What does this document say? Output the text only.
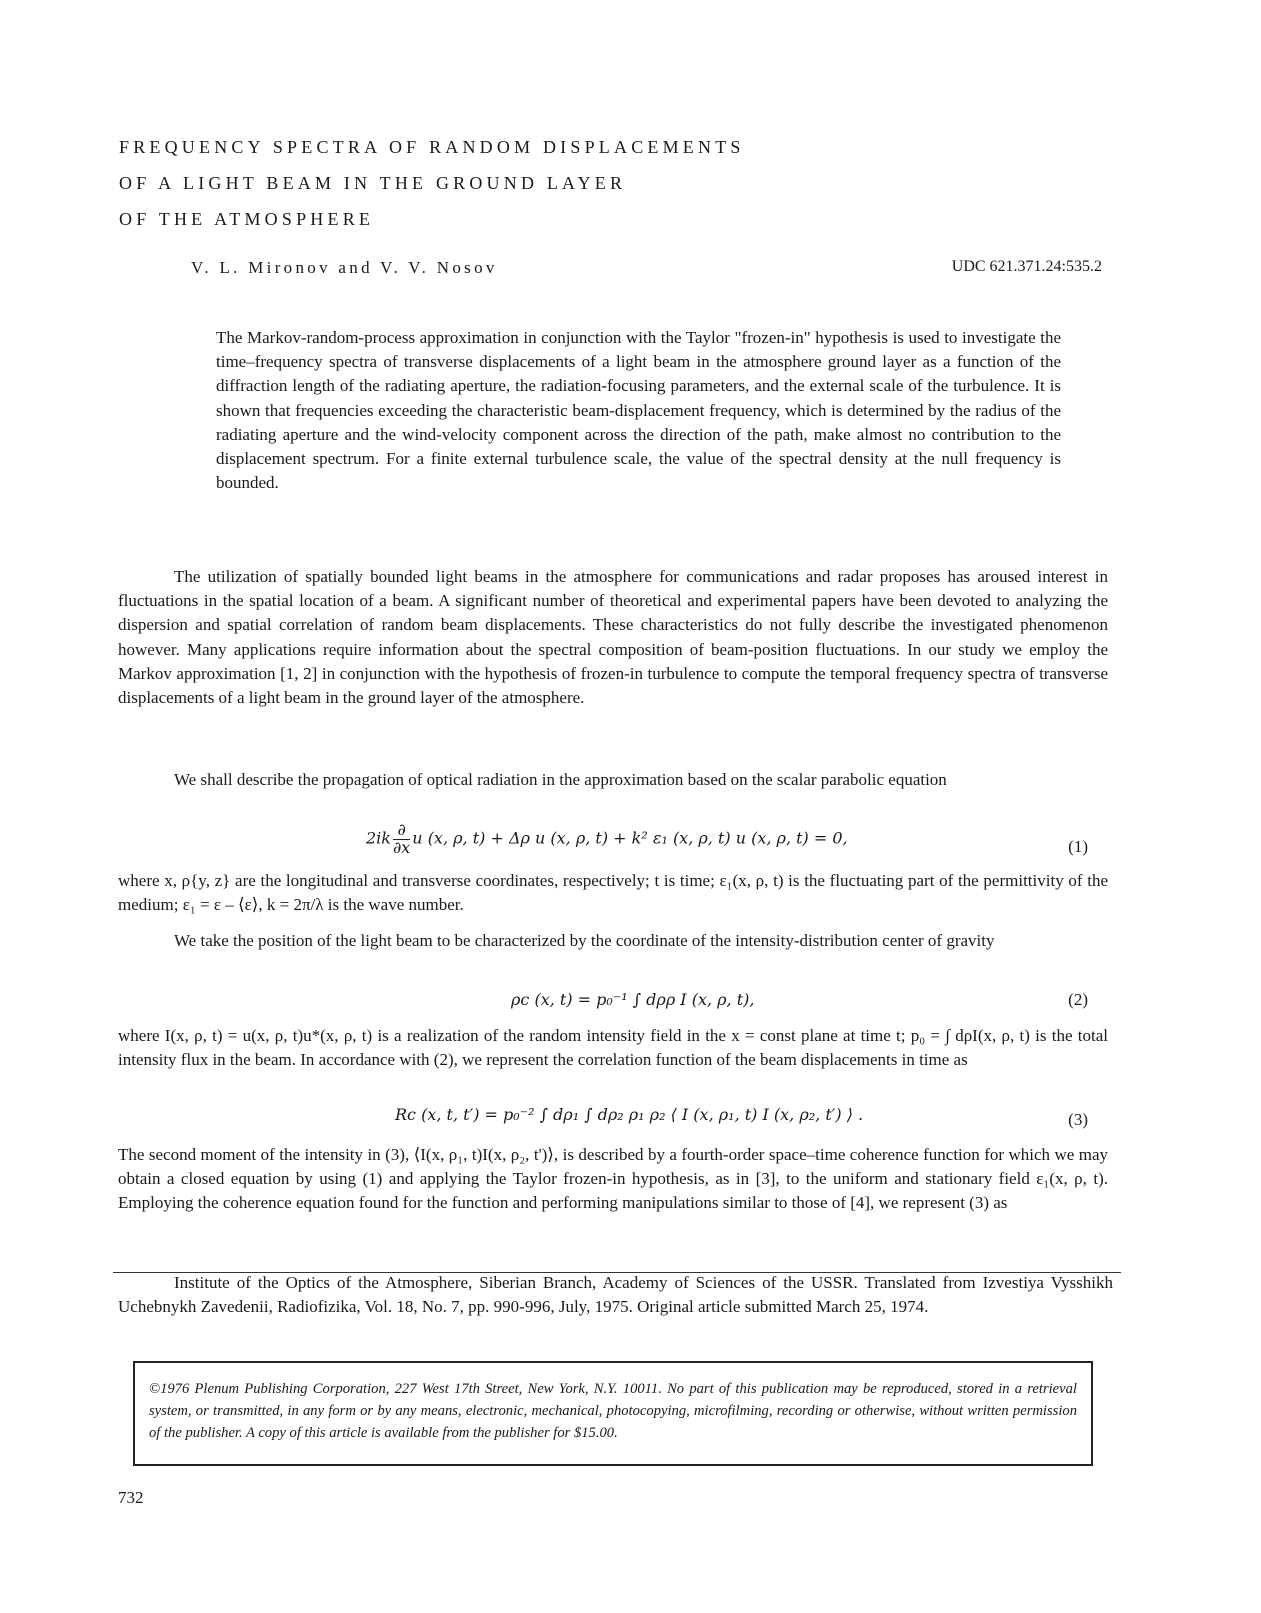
FREQUENCY SPECTRA OF RANDOM DISPLACEMENTS
OF A LIGHT BEAM IN THE GROUND LAYER
OF THE ATMOSPHERE
V. L. Mironov and V. V. Nosov	UDC 621.371.24:535.2

The Markov-random-process approximation in conjunction with the Taylor "frozen-in" hypothesis is used to investigate the time–frequency spectra of transverse displacements of a light beam in the atmosphere ground layer as a function of the diffraction length of the radiating aperture, the radiation-focusing parameters, and the external scale of the turbulence. It is shown that frequencies exceeding the characteristic beam-displacement frequency, which is determined by the radius of the radiating aperture and the wind-velocity component across the direction of the path, make almost no contribution to the displacement spectrum. For a finite external turbulence scale, the value of the spectral density at the null frequency is bounded.

The utilization of spatially bounded light beams in the atmosphere for communications and radar proposes has aroused interest in fluctuations in the spatial location of a beam. A significant number of theoretical and experimental papers have been devoted to analyzing the dispersion and spatial correlation of random beam displacements. These characteristics do not fully describe the investigated phenomenon however. Many applications require information about the spectral composition of beam-position fluctuations. In our study we employ the Markov approximation [1, 2] in conjunction with the hypothesis of frozen-in turbulence to compute the temporal frequency spectra of transverse displacements of a light beam in the ground layer of the atmosphere.

We shall describe the propagation of optical radiation in the approximation based on the scalar parabolic equation

$2ik \frac{\partial}{\partial x}$ u (x, ρ, t) + Δρ u (x, ρ, t) + k² ε₁ (x, ρ, t) u (x, ρ, t) = 0,	(1)

where x, ρ{y, z} are the longitudinal and transverse coordinates, respectively; t is time; ε₁(x, ρ, t) is the fluctuating part of the permittivity of the medium; ε₁ = ε – ⟨ε⟩, k = 2π/λ is the wave number.

We take the position of the light beam to be characterized by the coordinate of the intensity-distribution center of gravity

ρc (x, t) = p₀⁻¹ ∫ dρρ I (x, ρ, t),	(2)

where I(x, ρ, t) = u(x, ρ, t)u*(x, ρ, t) is a realization of the random intensity field in the x = const plane at time t; p₀ = ∫ dρI(x, ρ, t) is the total intensity flux in the beam. In accordance with (2), we represent the correlation function of the beam displacements in time as

Rc (x, t, t′) = p₀⁻² ∫ dρ₁ ∫ dρ₂ ρ₁ ρ₂ ⟨ I (x, ρ₁, t) I (x, ρ₂, t′) ⟩ .	(3)

The second moment of the intensity in (3), ⟨I(x, ρ₁, t)I(x, ρ₂, t')⟩, is described by a fourth-order space–time coherence function for which we may obtain a closed equation by using (1) and applying the Taylor frozen-in hypothesis, as in [3], to the uniform and stationary field ε₁(x, ρ, t). Employing the coherence equation found for the function and performing manipulations similar to those of [4], we represent (3) as

Institute of the Optics of the Atmosphere, Siberian Branch, Academy of Sciences of the USSR. Translated from Izvestiya Vysshikh Uchebnykh Zavedenii, Radiofizika, Vol. 18, No. 7, pp. 990-996, July, 1975. Original article submitted March 25, 1974.

©1976 Plenum Publishing Corporation, 227 West 17th Street, New York, N.Y. 10011. No part of this publication may be reproduced, stored in a retrieval system, or transmitted, in any form or by any means, electronic, mechanical, photocopying, microfilming, recording or otherwise, without written permission of the publisher. A copy of this article is available from the publisher for $15.00.

732
